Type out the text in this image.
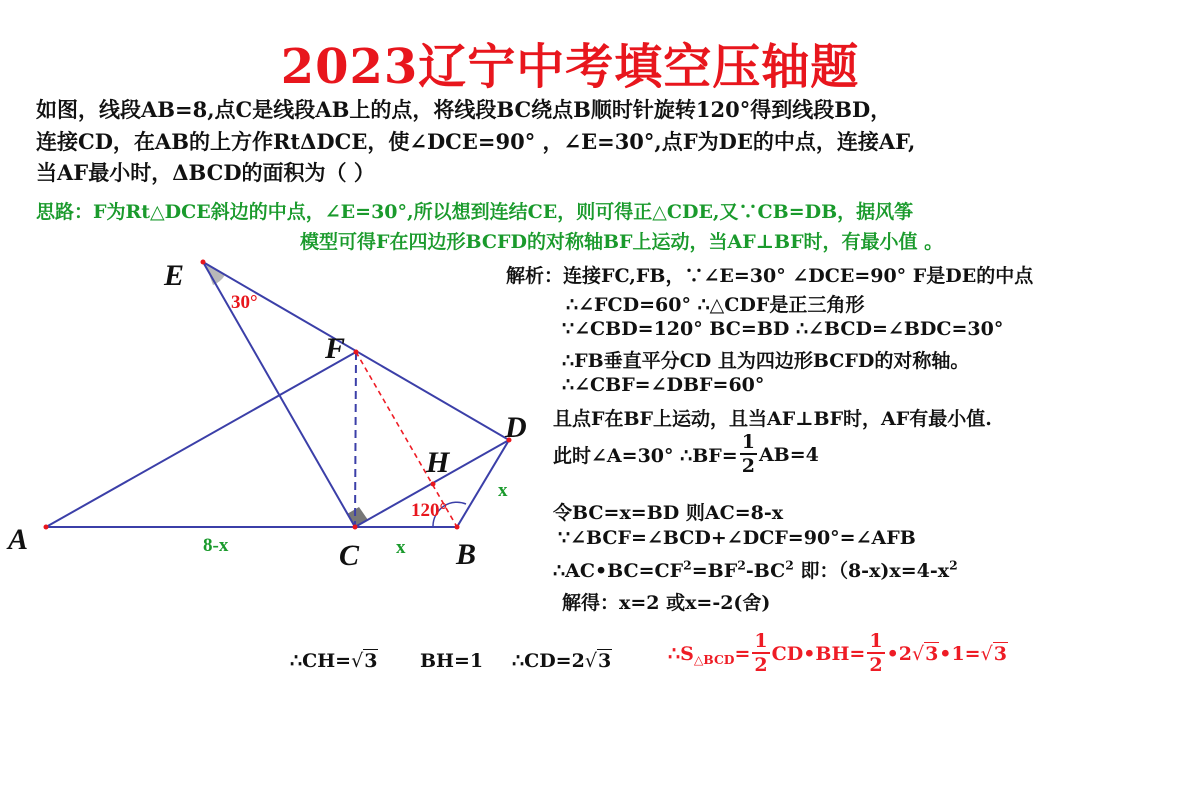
2023辽宁中考填空压轴题
如图，线段AB=8,点C是线段AB上的点，将线段BC绕点B顺时针旋转120°得到线段BD，
连接CD，在AB的上方作RtΔDCE，使∠DCE=90° ，∠E=30°,点F为DE的中点，连接AF,
当AF最小时，ΔBCD的面积为（ ）
思路：F为Rt△DCE斜边的中点，∠E=30°,所以想到连结CE，则可得正△CDE,又∵CB=DB，据风筝
模型可得F在四边形BCFD的对称轴BF上运动，当AF⊥BF时，有最小值 。
A	C	B
D
E
F
H
30°
120°
8-x	x
x
解析：连接FC,FB，∵∠E=30° ∠DCE=90° F是DE的中点
∴∠FCD=60° ∴△CDF是正三角形
∵∠CBD=120° BC=BD ∴∠BCD=∠BDC=30°
∴FB垂直平分CD 且为四边形BCFD的对称轴。
∴∠CBF=∠DBF=60°
且点F在BF上运动，且当AF⊥BF时，AF有最小值.
此时∠A=30° ∴BF= $\frac{1}{2} AB=4$
令BC=x=BD 则AC=8-x
∵∠BCF=∠BCD+∠DCF=90°=∠AFB
$\therefore AC•BC=CF^2=BF^2-BC^2$ 即：$(8-x)x=4-x^2$
解得：x=2 或x=-2(舍)
∴CH=√3 BH=1 ∴CD=2√3	$\therefore S_{\triangle BCD} = \frac{1}{2}$ CD•BH= $\frac{1}{2}$ •2 √3 •1= √3
